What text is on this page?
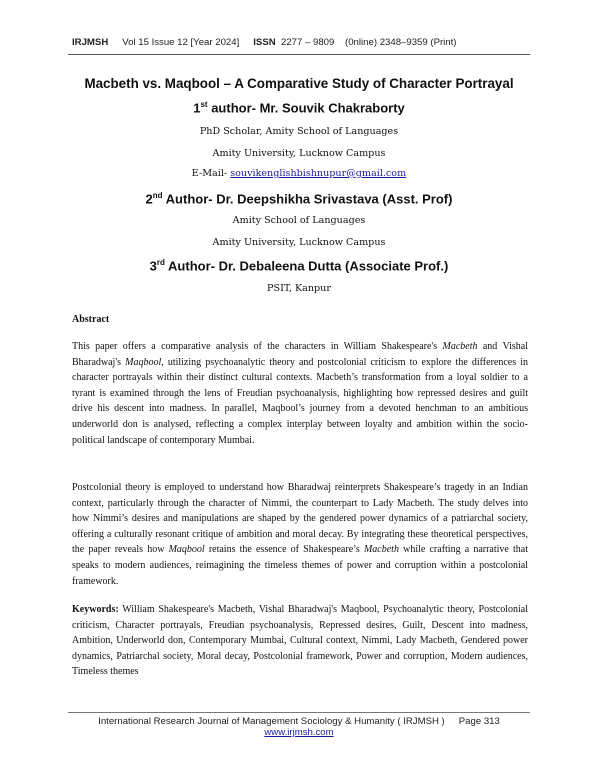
IRJMSH Vol 15 Issue 12 [Year 2024] ISSN 2277 – 9809 (0nline) 2348–9359 (Print)
Macbeth vs. Maqbool – A Comparative Study of Character Portrayal
1st author- Mr. Souvik Chakraborty
PhD Scholar, Amity School of Languages
Amity University, Lucknow Campus
E-Mail- souvikenglishbishnupur@gmail.com
2nd Author- Dr. Deepshikha Srivastava (Asst. Prof)
Amity School of Languages
Amity University, Lucknow Campus
3rd Author- Dr. Debaleena Dutta (Associate Prof.)
PSIT, Kanpur
Abstract

This paper offers a comparative analysis of the characters in William Shakespeare's Macbeth and Vishal Bharadwaj's Maqbool, utilizing psychoanalytic theory and postcolonial criticism to explore the differences in character portrayals within their distinct cultural contexts. Macbeth’s transformation from a loyal soldier to a tyrant is examined through the lens of Freudian psychoanalysis, highlighting how repressed desires and guilt drive his descent into madness. In parallel, Maqbool’s journey from a devoted henchman to an ambitious underworld don is analysed, reflecting a complex interplay between loyalty and ambition within the socio-political landscape of contemporary Mumbai.

Postcolonial theory is employed to understand how Bharadwaj reinterprets Shakespeare’s tragedy in an Indian context, particularly through the character of Nimmi, the counterpart to Lady Macbeth. The study delves into how Nimmi’s desires and manipulations are shaped by the gendered power dynamics of a patriarchal society, offering a culturally resonant critique of ambition and moral decay. By integrating these theoretical perspectives, the paper reveals how Maqbool retains the essence of Shakespeare’s Macbeth while crafting a narrative that speaks to modern audiences, reimagining the timeless themes of power and corruption within a postcolonial framework.

Keywords: William Shakespeare's Macbeth, Vishal Bharadwaj's Maqbool, Psychoanalytic theory, Postcolonial criticism, Character portrayals, Freudian psychoanalysis, Repressed desires, Guilt, Descent into madness, Ambition, Underworld don, Contemporary Mumbai, Cultural context, Nimmi, Lady Macbeth, Gendered power dynamics, Patriarchal society, Moral decay, Postcolonial framework, Power and corruption, Modern audiences, Timeless themes

International Research Journal of Management Sociology & Humanity ( IRJMSH ) Page 313
www.irjmsh.com
